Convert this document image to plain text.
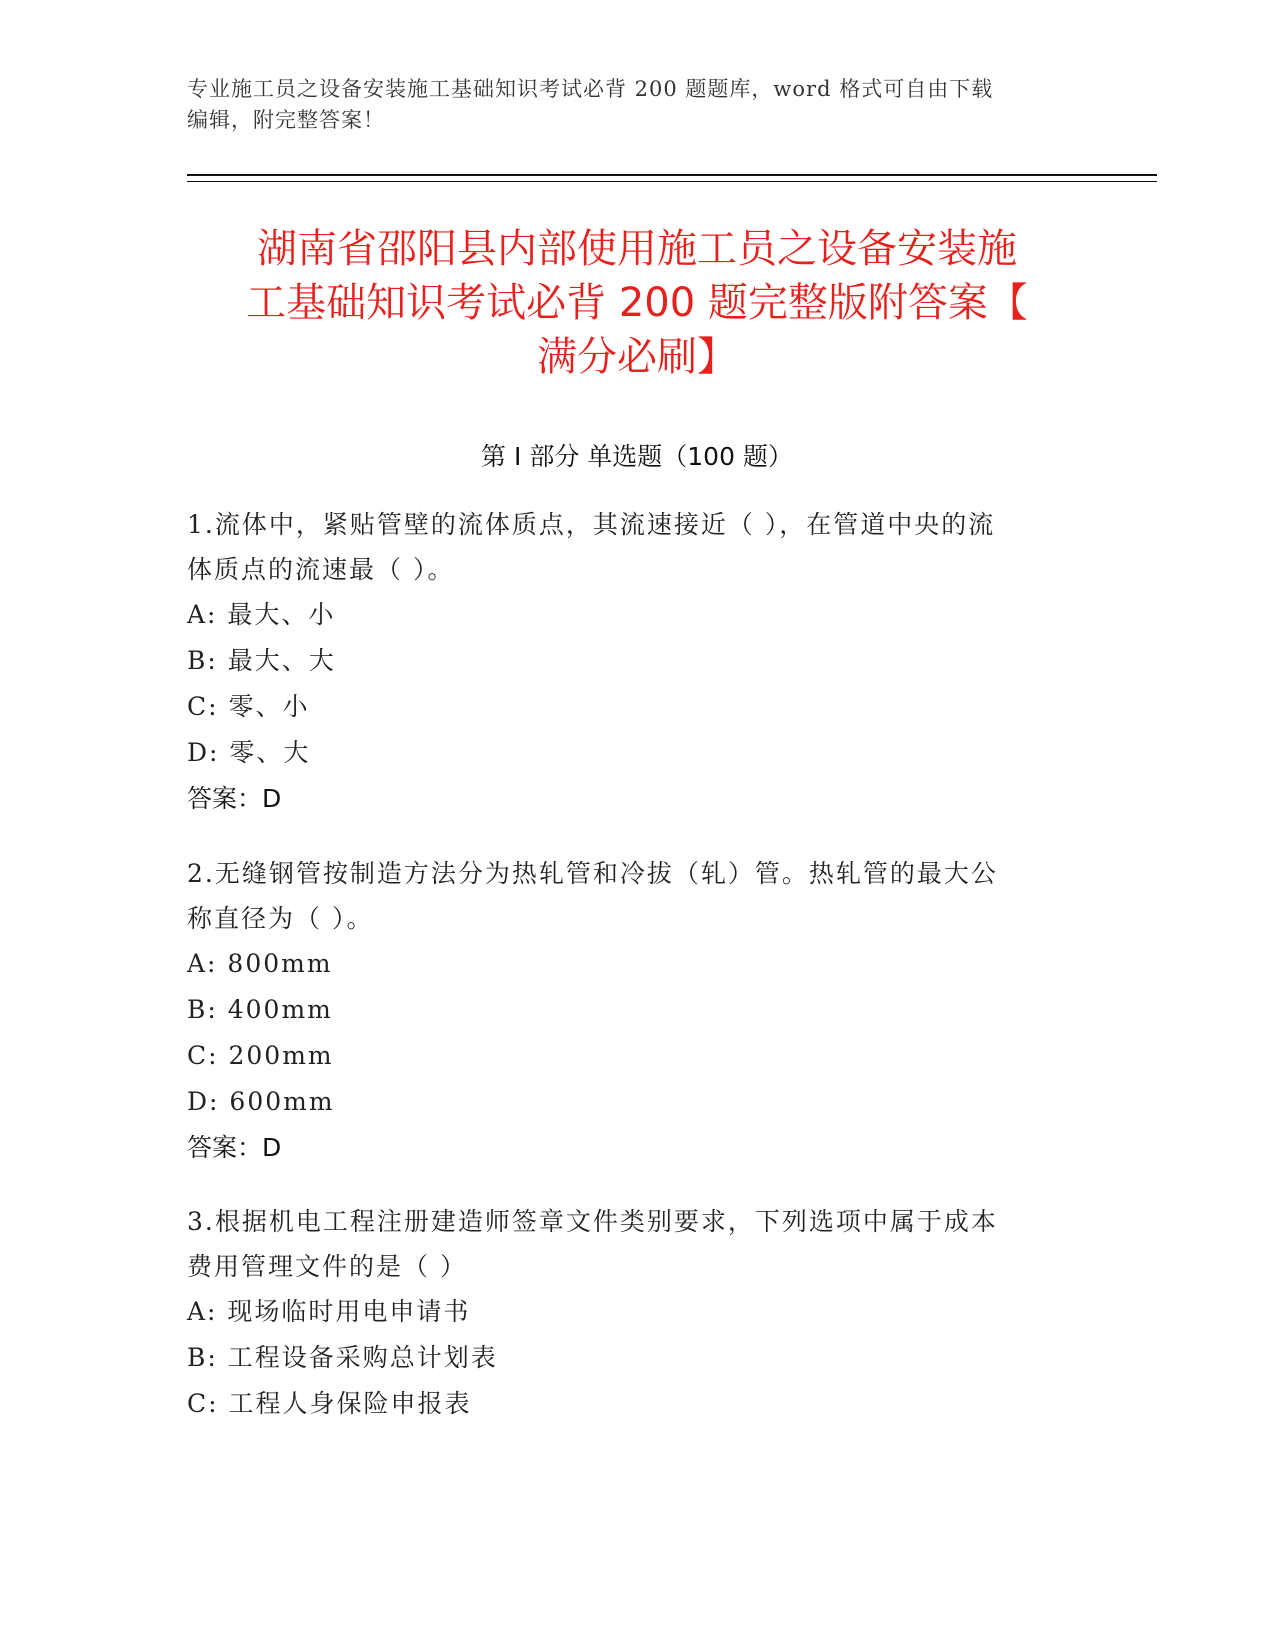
专业施工员之设备安装施工基础知识考试必背 200 题题库，word 格式可自由下载
编辑，附完整答案！
湖南省邵阳县内部使用施工员之设备安装施
工基础知识考试必背 200 题完整版附答案【
满分必刷】
第 I 部分 单选题（100 题）
1.流体中，紧贴管壁的流体质点，其流速接近（ ），在管道中央的流
体质点的流速最（ ）。
A: 最大、小
B: 最大、大
C: 零、小
D: 零、大
答案：D
2.无缝钢管按制造方法分为热轧管和冷拔（轧）管。热轧管的最大公
称直径为（ ）。
A: 800mm
B: 400mm
C: 200mm
D: 600mm
答案：D
3.根据机电工程注册建造师签章文件类别要求，下列选项中属于成本
费用管理文件的是（ ）
A: 现场临时用电申请书
B: 工程设备采购总计划表
C: 工程人身保险申报表
